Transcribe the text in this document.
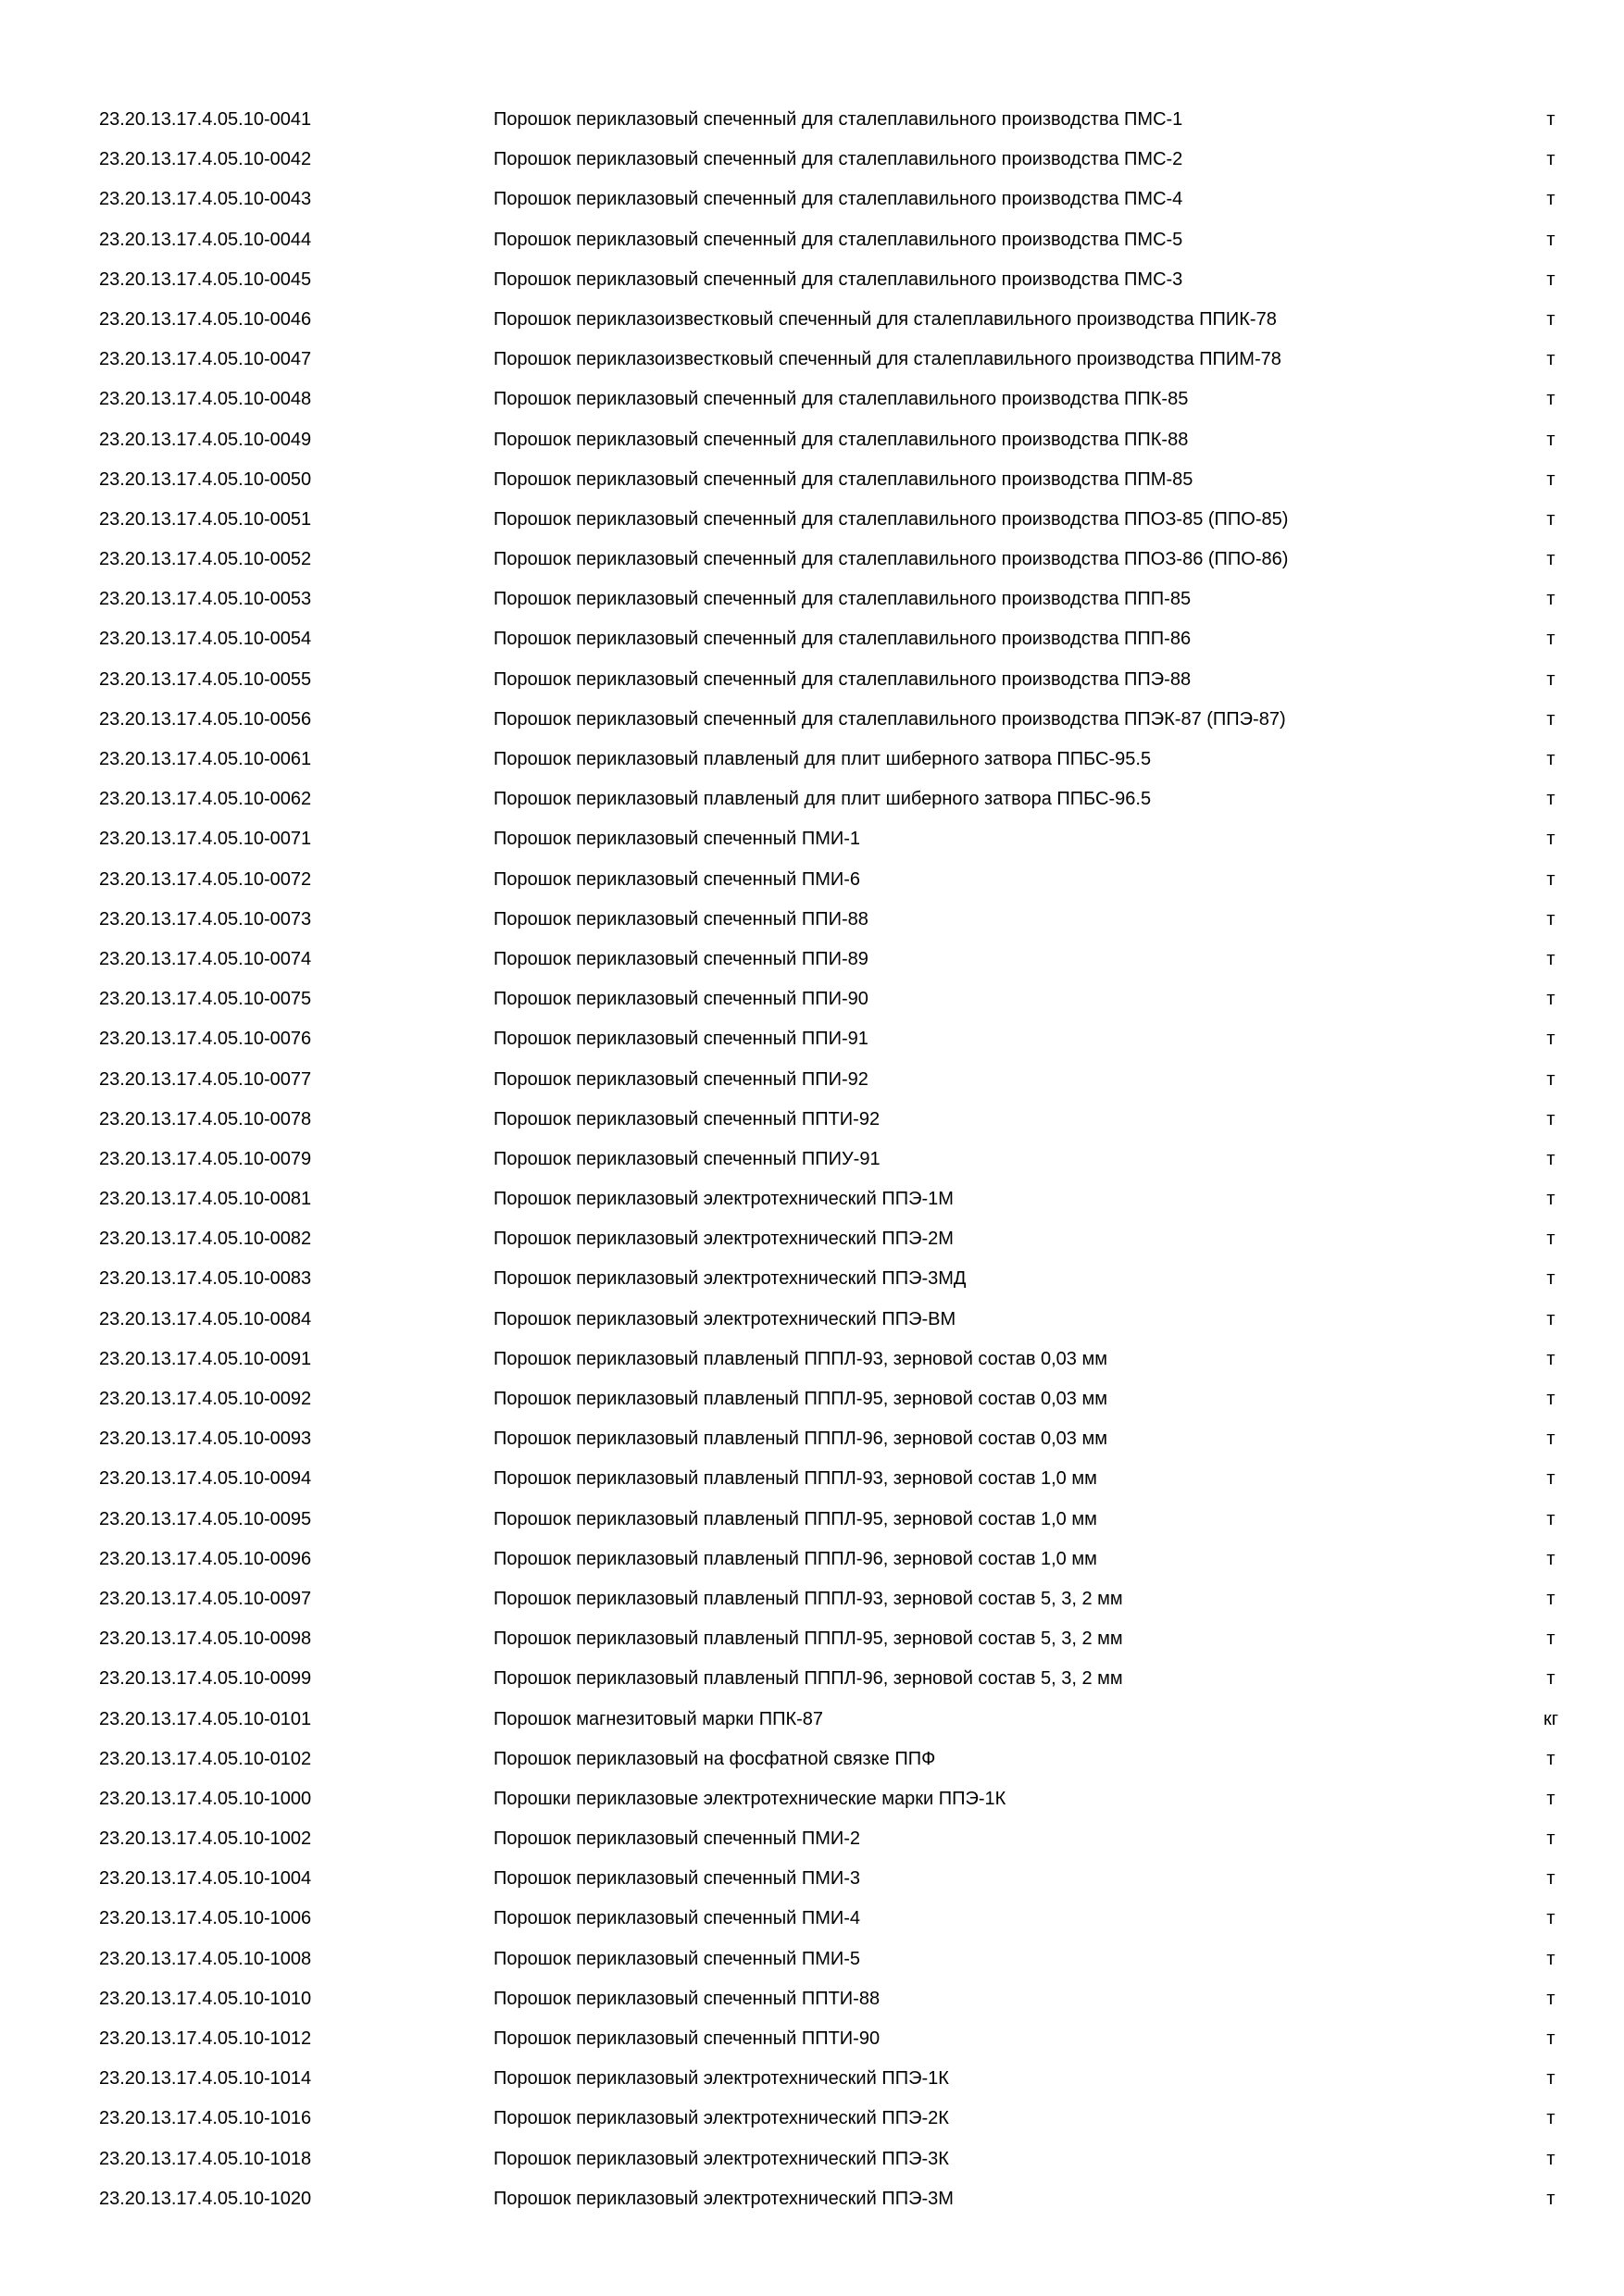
23.20.13.17.4.05.10-0041	Порошок периклазовый спеченный для сталеплавильного производства ПМС-1	т
23.20.13.17.4.05.10-0042	Порошок периклазовый спеченный для сталеплавильного производства ПМС-2	т
23.20.13.17.4.05.10-0043	Порошок периклазовый спеченный для сталеплавильного производства ПМС-4	т
23.20.13.17.4.05.10-0044	Порошок периклазовый спеченный для сталеплавильного производства ПМС-5	т
23.20.13.17.4.05.10-0045	Порошок периклазовый спеченный для сталеплавильного производства ПМС-3	т
23.20.13.17.4.05.10-0046	Порошок периклазоизвестковый спеченный для сталеплавильного производства ППИК-78	т
23.20.13.17.4.05.10-0047	Порошок периклазоизвестковый спеченный для сталеплавильного производства ППИМ-78	т
23.20.13.17.4.05.10-0048	Порошок периклазовый спеченный для сталеплавильного производства ППК-85	т
23.20.13.17.4.05.10-0049	Порошок периклазовый спеченный для сталеплавильного производства ППК-88	т
23.20.13.17.4.05.10-0050	Порошок периклазовый спеченный для сталеплавильного производства ППМ-85	т
23.20.13.17.4.05.10-0051	Порошок периклазовый спеченный для сталеплавильного производства ППОЗ-85 (ППО-85)	т
23.20.13.17.4.05.10-0052	Порошок периклазовый спеченный для сталеплавильного производства ППОЗ-86 (ППО-86)	т
23.20.13.17.4.05.10-0053	Порошок периклазовый спеченный для сталеплавильного производства ППП-85	т
23.20.13.17.4.05.10-0054	Порошок периклазовый спеченный для сталеплавильного производства ППП-86	т
23.20.13.17.4.05.10-0055	Порошок периклазовый спеченный для сталеплавильного производства ППЭ-88	т
23.20.13.17.4.05.10-0056	Порошок периклазовый спеченный для сталеплавильного производства ППЭК-87 (ППЭ-87)	т
23.20.13.17.4.05.10-0061	Порошок периклазовый плавленый для плит шиберного затвора ППБС-95.5	т
23.20.13.17.4.05.10-0062	Порошок периклазовый плавленый для плит шиберного затвора ППБС-96.5	т
23.20.13.17.4.05.10-0071	Порошок периклазовый спеченный ПМИ-1	т
23.20.13.17.4.05.10-0072	Порошок периклазовый спеченный ПМИ-6	т
23.20.13.17.4.05.10-0073	Порошок периклазовый спеченный ППИ-88	т
23.20.13.17.4.05.10-0074	Порошок периклазовый спеченный ППИ-89	т
23.20.13.17.4.05.10-0075	Порошок периклазовый спеченный ППИ-90	т
23.20.13.17.4.05.10-0076	Порошок периклазовый спеченный ППИ-91	т
23.20.13.17.4.05.10-0077	Порошок периклазовый спеченный ППИ-92	т
23.20.13.17.4.05.10-0078	Порошок периклазовый спеченный ППТИ-92	т
23.20.13.17.4.05.10-0079	Порошок периклазовый спеченный ППИУ-91	т
23.20.13.17.4.05.10-0081	Порошок периклазовый электротехнический ППЭ-1М	т
23.20.13.17.4.05.10-0082	Порошок периклазовый электротехнический ППЭ-2М	т
23.20.13.17.4.05.10-0083	Порошок периклазовый электротехнический ППЭ-3МД	т
23.20.13.17.4.05.10-0084	Порошок периклазовый электротехнический ППЭ-ВМ	т
23.20.13.17.4.05.10-0091	Порошок периклазовый плавленый ПППЛ-93, зерновой состав 0,03 мм	т
23.20.13.17.4.05.10-0092	Порошок периклазовый плавленый ПППЛ-95, зерновой состав 0,03 мм	т
23.20.13.17.4.05.10-0093	Порошок периклазовый плавленый ПППЛ-96, зерновой состав 0,03 мм	т
23.20.13.17.4.05.10-0094	Порошок периклазовый плавленый ПППЛ-93, зерновой состав 1,0 мм	т
23.20.13.17.4.05.10-0095	Порошок периклазовый плавленый ПППЛ-95, зерновой состав 1,0 мм	т
23.20.13.17.4.05.10-0096	Порошок периклазовый плавленый ПППЛ-96, зерновой состав 1,0 мм	т
23.20.13.17.4.05.10-0097	Порошок периклазовый плавленый ПППЛ-93, зерновой состав 5, 3, 2 мм	т
23.20.13.17.4.05.10-0098	Порошок периклазовый плавленый ПППЛ-95, зерновой состав 5, 3, 2 мм	т
23.20.13.17.4.05.10-0099	Порошок периклазовый плавленый ПППЛ-96, зерновой состав 5, 3, 2 мм	т
23.20.13.17.4.05.10-0101	Порошок магнезитовый марки ППК-87	кг
23.20.13.17.4.05.10-0102	Порошок периклазовый на фосфатной связке ППФ	т
23.20.13.17.4.05.10-1000	Порошки периклазовые электротехнические марки ППЭ-1К	т
23.20.13.17.4.05.10-1002	Порошок периклазовый спеченный ПМИ-2	т
23.20.13.17.4.05.10-1004	Порошок периклазовый спеченный ПМИ-3	т
23.20.13.17.4.05.10-1006	Порошок периклазовый спеченный ПМИ-4	т
23.20.13.17.4.05.10-1008	Порошок периклазовый спеченный ПМИ-5	т
23.20.13.17.4.05.10-1010	Порошок периклазовый спеченный ППТИ-88	т
23.20.13.17.4.05.10-1012	Порошок периклазовый спеченный ППТИ-90	т
23.20.13.17.4.05.10-1014	Порошок периклазовый электротехнический ППЭ-1К	т
23.20.13.17.4.05.10-1016	Порошок периклазовый электротехнический ППЭ-2К	т
23.20.13.17.4.05.10-1018	Порошок периклазовый электротехнический ППЭ-3К	т
23.20.13.17.4.05.10-1020	Порошок периклазовый электротехнический ППЭ-3М	т
